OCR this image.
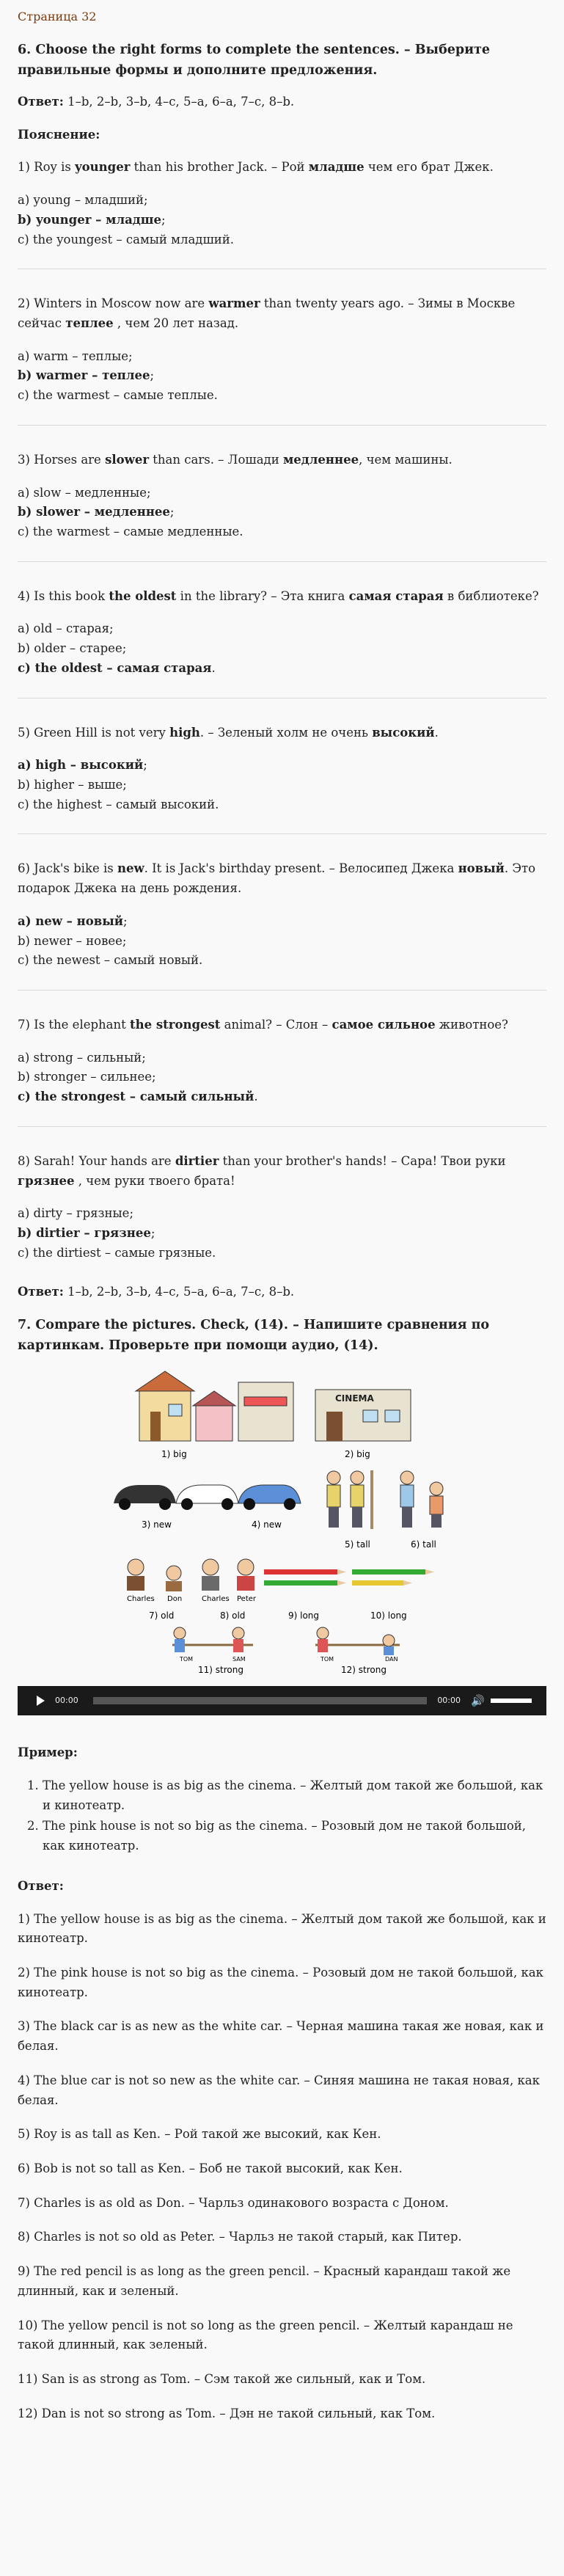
Страница 32
6. Choose the right forms to complete the sentences. – Выберите правильные формы и дополните предложения.

Ответ: 1–b, 2–b, 3–b, 4–c, 5–a, 6–a, 7–c, 8–b.

Пояснение:

1) Roy is younger than his brother Jack. – Рой младше чем его брат Джек.

a) young – младший;
b) younger – младше;
c) the youngest – самый младший.

2) Winters in Moscow now are warmer than twenty years ago. – Зимы в Москве сейчас теплее , чем 20 лет назад.

a) warm – теплые;
b) warmer – теплее;
c) the warmest – самые теплые.

3) Horses are slower than cars. – Лошади медленнее, чем машины.

a) slow – медленные;
b) slower – медленнее;
c) the warmest – самые медленные.

4) Is this book the oldest in the library? – Эта книга самая старая в библиотеке?

a) old – старая;
b) older – старее;
c) the oldest – самая старая.

5) Green Hill is not very high. – Зеленый холм не очень высокий.

a) high – высокий;
b) higher – выше;
c) the highest – самый высокий.

6) Jack's bike is new. It is Jack's birthday present. – Велосипед Джека новый. Это подарок Джека на день рождения.

a) new – новый;
b) newer – новее;
c) the newest – самый новый.

7) Is the elephant the strongest animal? – Слон – самое сильное животное?

a) strong – сильный;
b) stronger – сильнее;
c) the strongest – самый сильный.

8) Sarah! Your hands are dirtier than your brother's hands! – Сара! Твои руки грязнее , чем руки твоего брата!

a) dirty – грязные;
b) dirtier – грязнее;
c) the dirtiest – самые грязные.

Ответ: 1–b, 2–b, 3–b, 4–c, 5–a, 6–a, 7–c, 8–b.

7. Compare the pictures. Check, (14). – Напишите сравнения по картинкам. Проверьте при помощи аудио, (14).
CINEMA
1) big	2) big
3) new	4) new
5) tall	6) tall
Charles Don	Charles Peter
7) old	8) old	9) long	10) long
TOM	SAM	TOM	DAN
11) strong	12) strong
00:00	00:00 🔊

Пример:

1. The yellow house is as big as the cinema. – Желтый дом такой же большой, как и кинотеатр.
2. The pink house is not so big as the cinema. – Розовый дом не такой большой, как кинотеатр.

Ответ:

1) The yellow house is as big as the cinema. – Желтый дом такой же большой, как и кинотеатр.

2) The pink house is not so big as the cinema. – Розовый дом не такой большой, как кинотеатр.

3) The black car is as new as the white car. – Черная машина такая же новая, как и белая.

4) The blue car is not so new as the white car. – Синяя машина не такая новая, как белая.

5) Roy is as tall as Ken. – Рой такой же высокий, как Кен.

6) Bob is not so tall as Ken. – Боб не такой высокий, как Кен.

7) Charles is as old as Don. – Чарльз одинакового возраста с Доном.

8) Charles is not so old as Peter. – Чарльз не такой старый, как Питер.

9) The red pencil is as long as the green pencil. – Красный карандаш такой же длинный, как и зеленый.

10) The yellow pencil is not so long as the green pencil. – Желтый карандаш не такой длинный, как зеленый.

11) San is as strong as Tom. – Сэм такой же сильный, как и Том.

12) Dan is not so strong as Tom. – Дэн не такой сильный, как Том.
